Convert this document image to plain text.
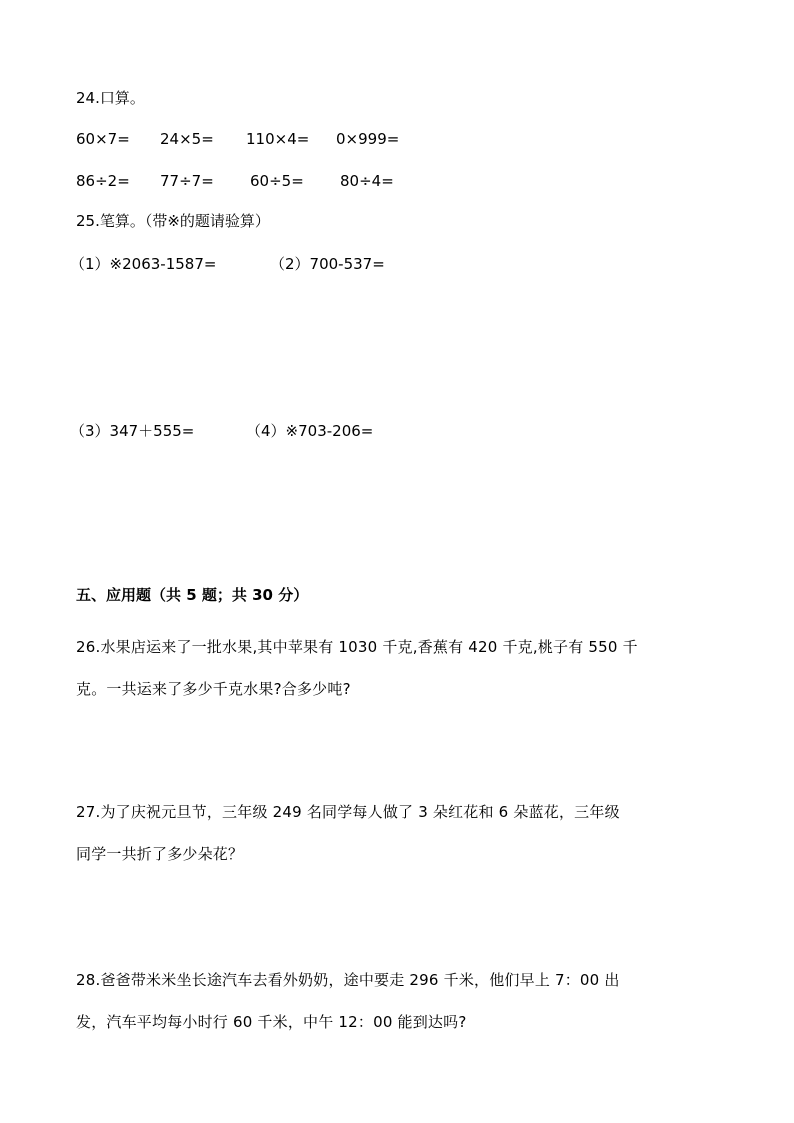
24.口算。
60×7= 24×5= 110×4= 0×999=
86÷2= 77÷7= 60÷5= 80÷4=
25.笔算。（带※的题请验算）
（1）※2063-1587=	（2）700-537=
（3）347＋555=	（4）※703-206=
五、应用题（共 5 题；共 30 分）
26.水果店运来了一批水果,其中苹果有 1030 千克,香蕉有 420 千克,桃子有 550 千
克。一共运来了多少千克水果?合多少吨?
27.为了庆祝元旦节，三年级 249 名同学每人做了 3 朵红花和 6 朵蓝花，三年级
同学一共折了多少朵花？
28.爸爸带米米坐长途汽车去看外奶奶，途中要走 296 千米，他们早上 7：00 出
发，汽车平均每小时行 60 千米，中午 12：00 能到达吗?
